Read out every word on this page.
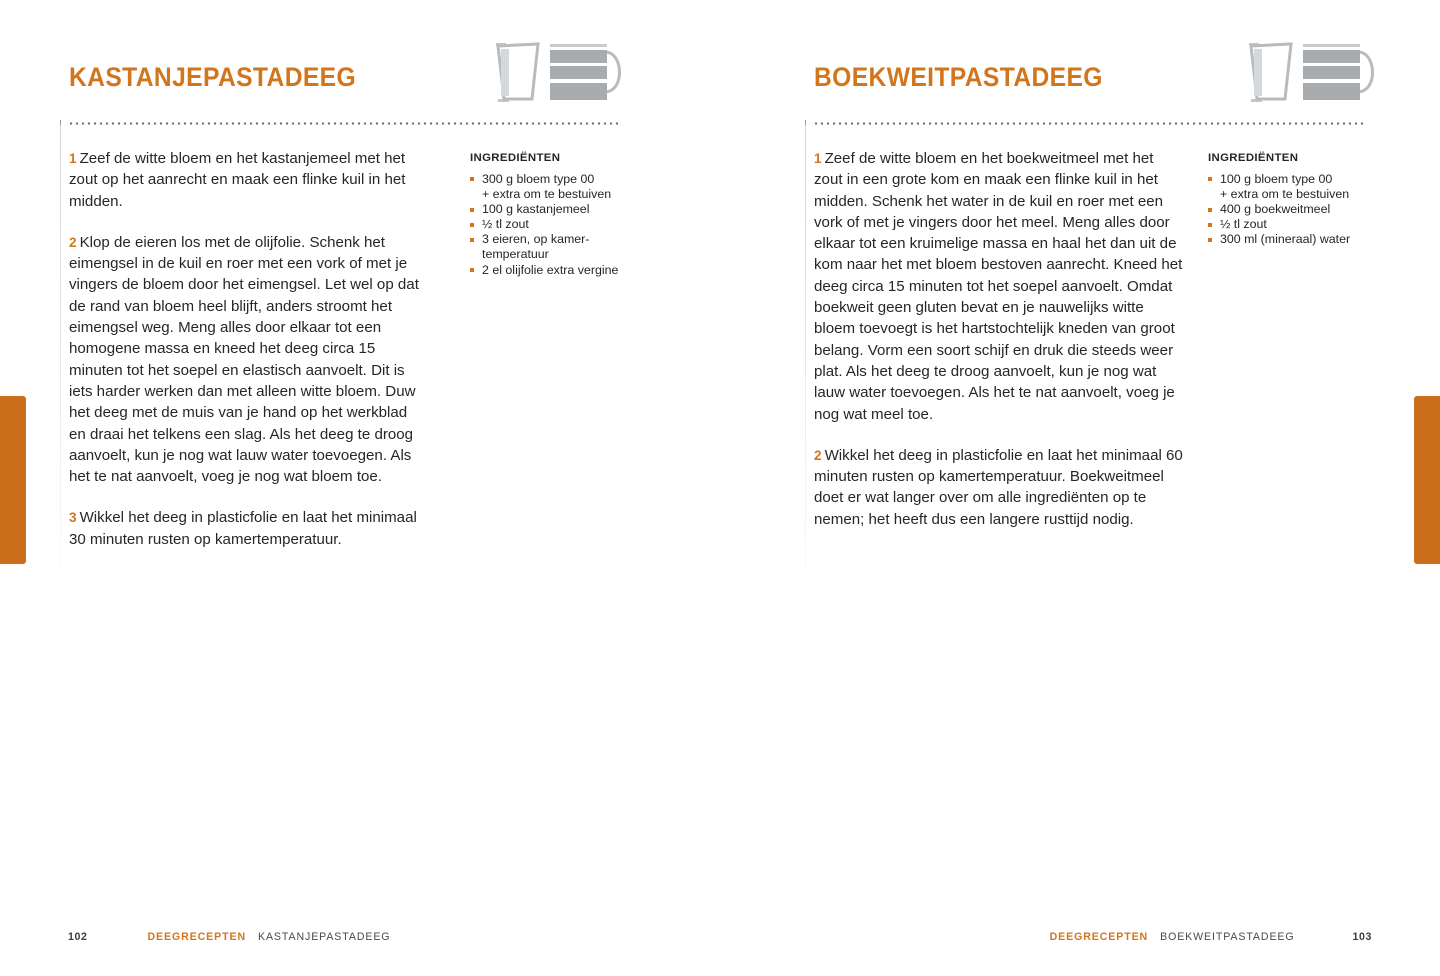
KASTANJEPASTADEEG

1 Zeef de witte bloem en het kastanjemeel met het zout op het aanrecht en maak een flinke kuil in het midden.

2 Klop de eieren los met de olijfolie. Schenk het eimengsel in de kuil en roer met een vork of met je vingers de bloem door het eimengsel. Let wel op dat de rand van bloem heel blijft, anders stroomt het eimengsel weg. Meng alles door elkaar tot een homogene massa en kneed het deeg circa 15 minuten tot het soepel en elastisch aanvoelt. Dit is iets harder werken dan met alleen witte bloem. Duw het deeg met de muis van je hand op het werkblad en draai het telkens een slag. Als het deeg te droog aanvoelt, kun je nog wat lauw water toevoegen. Als het te nat aanvoelt, voeg je nog wat bloem toe.

3 Wikkel het deeg in plasticfolie en laat het minimaal 30 minuten rusten op kamertemperatuur.

INGREDIËNTEN
300 g bloem type 00
+ extra om te bestuiven
100 g kastanjemeel
½ tl zout
3 eieren, op kamer-
temperatuur
2 el olijfolie extra vergine
BOEKWEITPASTADEEG

1 Zeef de witte bloem en het boekweitmeel met het zout in een grote kom en maak een flinke kuil in het midden. Schenk het water in de kuil en roer met een vork of met je vingers door het meel. Meng alles door elkaar tot een kruimelige massa en haal het dan uit de kom naar het met bloem bestoven aanrecht. Kneed het deeg circa 15 minuten tot het soepel aanvoelt. Omdat boekweit geen gluten bevat en je nauwelijks witte bloem toevoegt is het hartstochtelijk kneden van groot belang. Vorm een soort schijf en druk die steeds weer plat. Als het deeg te droog aanvoelt, kun je nog wat lauw water toevoegen. Als het te nat aanvoelt, voeg je nog wat meel toe.

2 Wikkel het deeg in plasticfolie en laat het minimaal 60 minuten rusten op kamertemperatuur. Boekweitmeel doet er wat langer over om alle ingrediënten op te nemen; het heeft dus een langere rusttijd nodig.

INGREDIËNTEN
100 g bloem type 00
+ extra om te bestuiven
400 g boekweitmeel
½ tl zout
300 ml (mineraal) water
102	DEEGRECEPTEN KASTANJEPASTADEEG	DEEGRECEPTEN BOEKWEITPASTADEEG	103
